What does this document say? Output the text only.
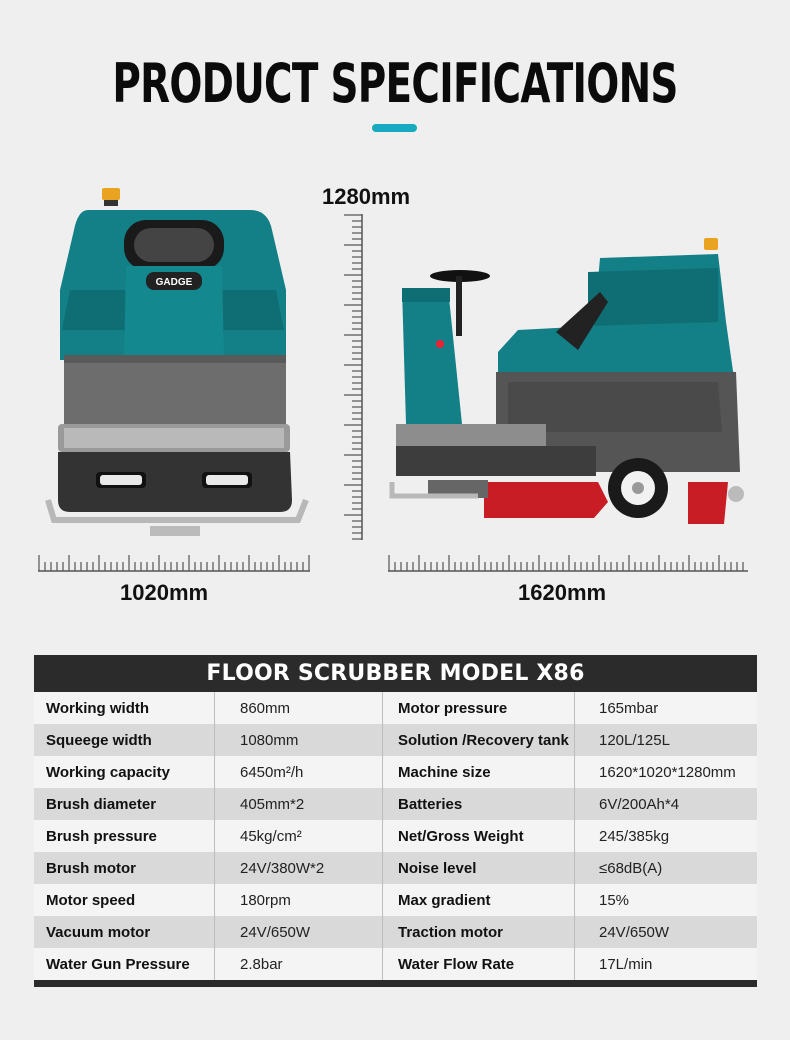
PRODUCT SPECIFICATIONS
1280mm
GADGE
1020mm	1620mm
FLOOR SCRUBBER MODEL X86
Working width	860mm	Motor pressure	165mbar
Squeege width	1080mm	Solution /Recovery tank 120L/125L
Working capacity	6450m²/h	Machine size	1620*1020*1280mm
Brush diameter	405mm*2	Batteries	6V/200Ah*4
Brush pressure	45kg/cm²	Net/Gross Weight	245/385kg
Brush motor	24V/380W*2	Noise level	≤68dB(A)
Motor speed	180rpm	Max gradient	15%
Vacuum motor	24V/650W	Traction motor	24V/650W
Water Gun Pressure	2.8bar	Water Flow Rate	17L/min
